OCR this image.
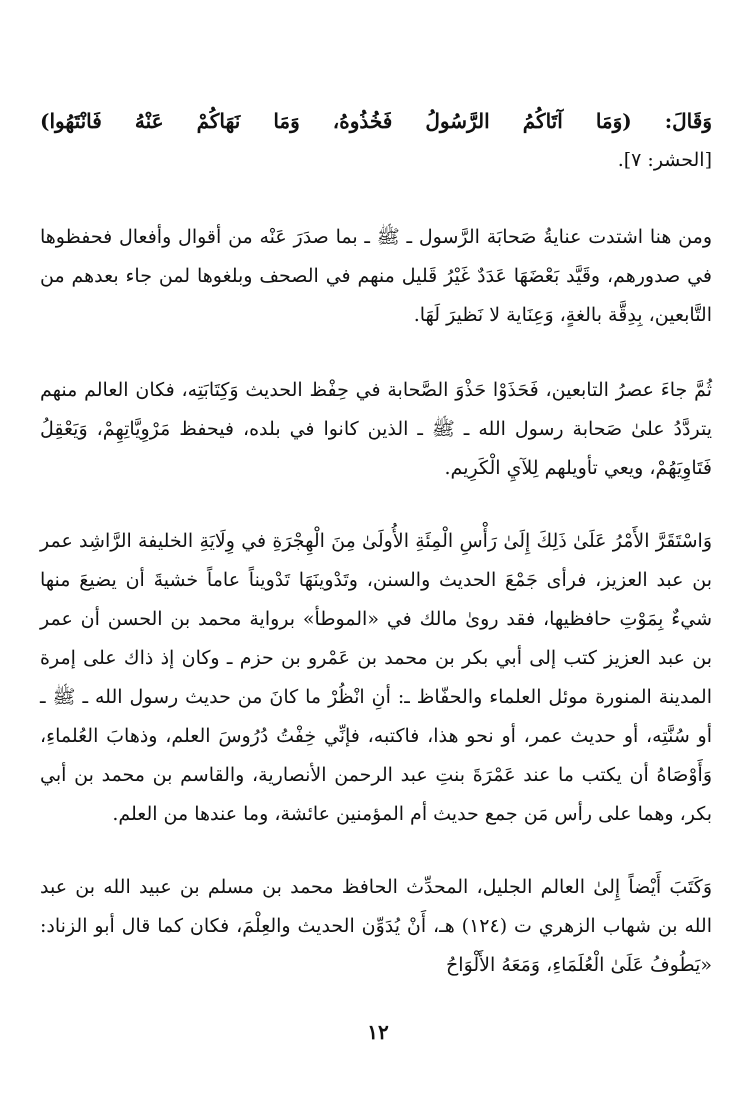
وَقَالَ: (وَمَا آتَاكُمُ الرَّسُولُ فَخُذُوهُ، وَمَا نَهَاكُمْ عَنْهُ فَانْتَهُوا)

[الحشر: ٧].

ومن هنا اشتدت عنايةُ صَحابَة الرَّسول ـ ﷺ ـ بما صدَرَ عَنْه من أقوال وأفعال فحفظوها في صدورهم، وقَيَّد بَعْضَهَا عَدَدٌ غَيْرُ قَليل منهم في الصحف وبلغوها لمن جاء بعدهم من التَّابعين، بِدِقَّة بالغةٍ، وَعِنَاية لا نَظيرَ لَهَا.

ثُمَّ جاءَ عصرُ التابعين، فَحَذَوْا حَذْوَ الصَّحابة في حِفْظ الحديث وَكِتَابَتِه، فكان العالم منهم يتردَّدُ علىٰ صَحابة رسول الله ـ ﷺ ـ الذين كانوا في بلده، فيحفظ مَرْوِيَّاتِهِمْ، وَيَعْقِلُ فَتَاوِيَهُمْ، ويعي تأويلهم لِلآيِ الْكَرِيم.

وَاسْتَقَرَّ الأَمْرُ عَلَىٰ ذَلِكَ إِلَىٰ رَأْسِ الْمِئَةِ الأُولَىٰ مِنَ الْهِجْرَةِ في وِلَايَةِ الخليفة الرَّاشِد عمر بن عبد العزيز، فرأى جَمْعَ الحديث والسنن، وتَدْوينَهَا تَدْويناً عاماً خشيةَ أن يضيعَ منها شيءٌ بِمَوْتِ حافظيها، فقد روىٰ مالك في «الموطأ» برواية محمد بن الحسن أن عمر بن عبد العزيز كتب إلى أبي بكر بن محمد بن عَمْرو بن حزم ـ وكان إذ ذاك على إمرة المدينة المنورة موئل العلماء والحفّاظ ـ: أنِ انْظُرْ ما كانَ من حديث رسول الله ـ ﷺ ـ أو سُنَّتِه، أو حديث عمر، أو نحو هذا، فاكتبه، فإنِّي خِفْتُ دُرُوسَ العلم، وذهابَ العُلماءِ، وَأَوْصَاهُ أن يكتب ما عند عَمْرَةَ بنتِ عبد الرحمن الأنصارية، والقاسم بن محمد بن أبي بكر، وهما على رأس مَن جمع حديث أم المؤمنين عائشة، وما عندها من العلم.

وَكَتَبَ أَيْضاً إِلىٰ العالم الجليل، المحدِّث الحافظ محمد بن مسلم بن عبيد الله بن عبد الله بن شهاب الزهري ت (١٢٤) هـ، أَنْ يُدَوِّن الحديث والعِلْمَ، فكان كما قال أبو الزناد: «يَطُوفُ عَلَىٰ الْعُلَمَاءِ، وَمَعَهُ الأَلْوَاحُ

١٢
